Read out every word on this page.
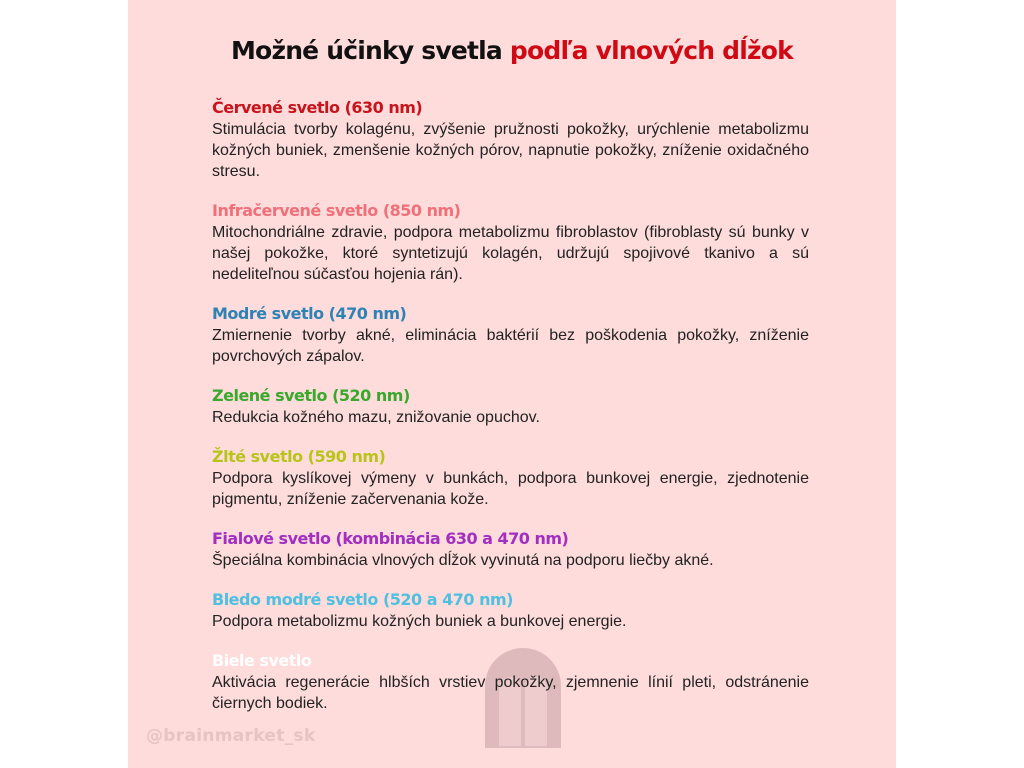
Možné účinky svetla podľa vlnových dĺžok
@brainmarket_sk
Červené svetlo (630 nm)
Stimulácia tvorby kolagénu, zvýšenie pružnosti pokožky, urýchlenie metabolizmu kožných buniek, zmenšenie kožných pórov, napnutie pokožky, zníženie oxidačného stresu.
Infračervené svetlo (850 nm)
Mitochondriálne zdravie, podpora metabolizmu fibroblastov (fibroblasty sú bunky v našej pokožke, ktoré syntetizujú kolagén, udržujú spojivové tkanivo a sú nedeliteľnou súčasťou hojenia rán).
Modré svetlo (470 nm)
Zmiernenie tvorby akné, eliminácia baktérií bez poškodenia pokožky, zníženie povrchových zápalov.
Zelené svetlo (520 nm)
Redukcia kožného mazu, znižovanie opuchov.
Žlté svetlo (590 nm)
Podpora kyslíkovej výmeny v bunkách, podpora bunkovej energie, zjednotenie pigmentu, zníženie začervenania kože.
Fialové svetlo (kombinácia 630 a 470 nm)
Špeciálna kombinácia vlnových dĺžok vyvinutá na podporu liečby akné.
Bledo modré svetlo (520 a 470 nm)
Podpora metabolizmu kožných buniek a bunkovej energie.
Biele svetlo
Aktivácia regenerácie hlbších vrstiev pokožky, zjemnenie línií pleti, odstránenie čiernych bodiek.
